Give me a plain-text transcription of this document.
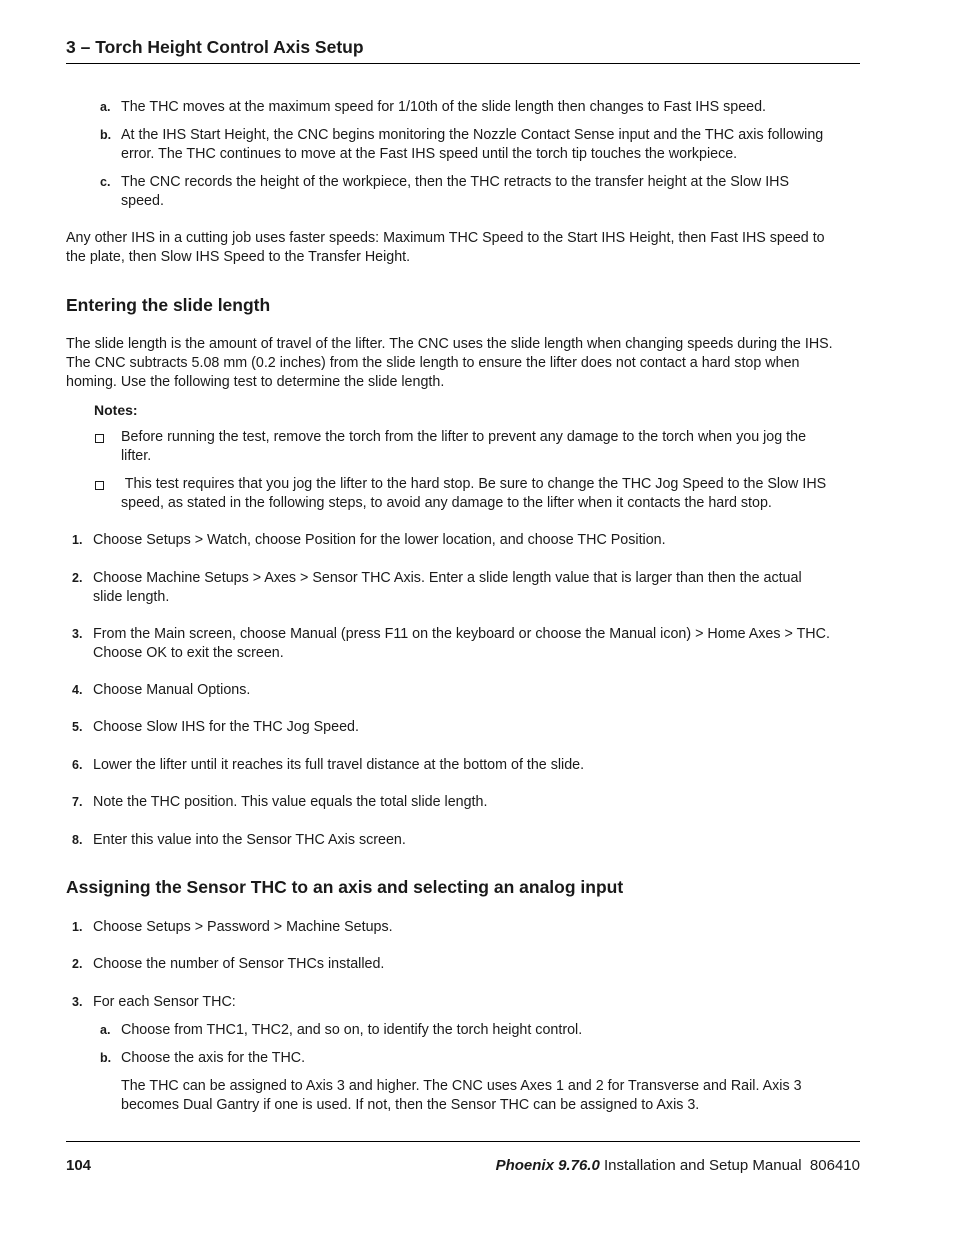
3 – Torch Height Control Axis Setup
a. The THC moves at the maximum speed for 1/10th of the slide length then changes to Fast IHS speed.
b. At the IHS Start Height, the CNC begins monitoring the Nozzle Contact Sense input and the THC axis following
error. The THC continues to move at the Fast IHS speed until the torch tip touches the workpiece.
c. The CNC records the height of the workpiece, then the THC retracts to the transfer height at the Slow IHS
speed.
Any other IHS in a cutting job uses faster speeds: Maximum THC Speed to the Start IHS Height, then Fast IHS speed to
the plate, then Slow IHS Speed to the Transfer Height.
Entering the slide length
The slide length is the amount of travel of the lifter. The CNC uses the slide length when changing speeds during the IHS.
The CNC subtracts 5.08 mm (0.2 inches) from the slide length to ensure the lifter does not contact a hard stop when
homing. Use the following test to determine the slide length.
Notes:
Before running the test, remove the torch from the lifter to prevent any damage to the torch when you jog the
lifter.
This test requires that you jog the lifter to the hard stop. Be sure to change the THC Jog Speed to the Slow IHS
speed, as stated in the following steps, to avoid any damage to the lifter when it contacts the hard stop.
1. Choose Setups > Watch, choose Position for the lower location, and choose THC Position.
2. Choose Machine Setups > Axes > Sensor THC Axis. Enter a slide length value that is larger than then the actual
slide length.
3. From the Main screen, choose Manual (press F11 on the keyboard or choose the Manual icon) > Home Axes > THC.
Choose OK to exit the screen.
4. Choose Manual Options.
5. Choose Slow IHS for the THC Jog Speed.
6. Lower the lifter until it reaches its full travel distance at the bottom of the slide.
7. Note the THC position. This value equals the total slide length.
8. Enter this value into the Sensor THC Axis screen.
Assigning the Sensor THC to an axis and selecting an analog input
1. Choose Setups > Password > Machine Setups.
2. Choose the number of Sensor THCs installed.
3. For each Sensor THC:
a. Choose from THC1, THC2, and so on, to identify the torch height control.
b. Choose the axis for the THC.
The THC can be assigned to Axis 3 and higher. The CNC uses Axes 1 and 2 for Transverse and Rail. Axis 3
becomes Dual Gantry if one is used. If not, then the Sensor THC can be assigned to Axis 3.
104	Phoenix 9.76.0 Installation and Setup Manual  806410
